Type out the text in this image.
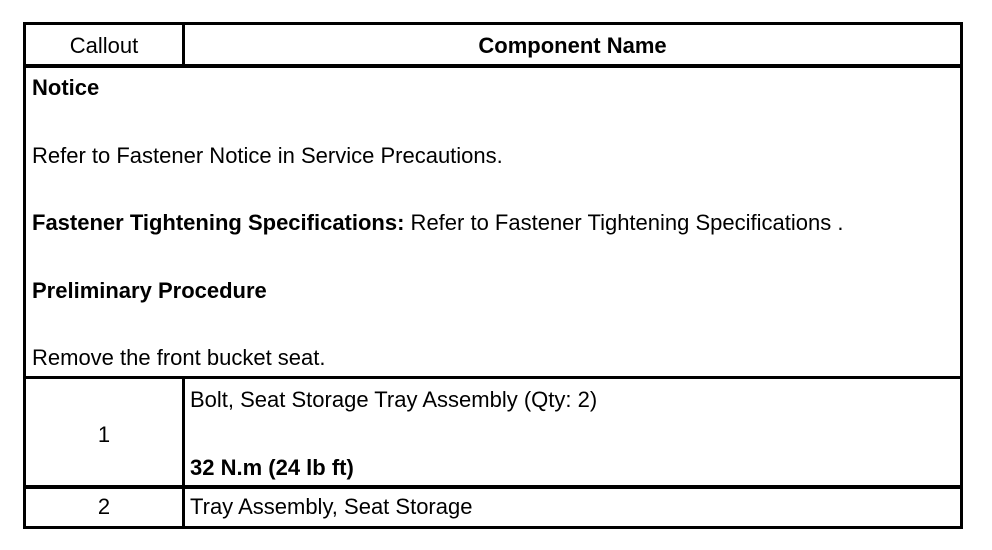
Callout	Component Name
Notice
Refer to Fastener Notice in Service Precautions.
Fastener Tightening Specifications: Refer to Fastener Tightening Specifications .
Preliminary Procedure
Remove the front bucket seat.
1
Bolt, Seat Storage Tray Assembly (Qty: 2)
32 N.m (24 lb ft)
2	Tray Assembly, Seat Storage
